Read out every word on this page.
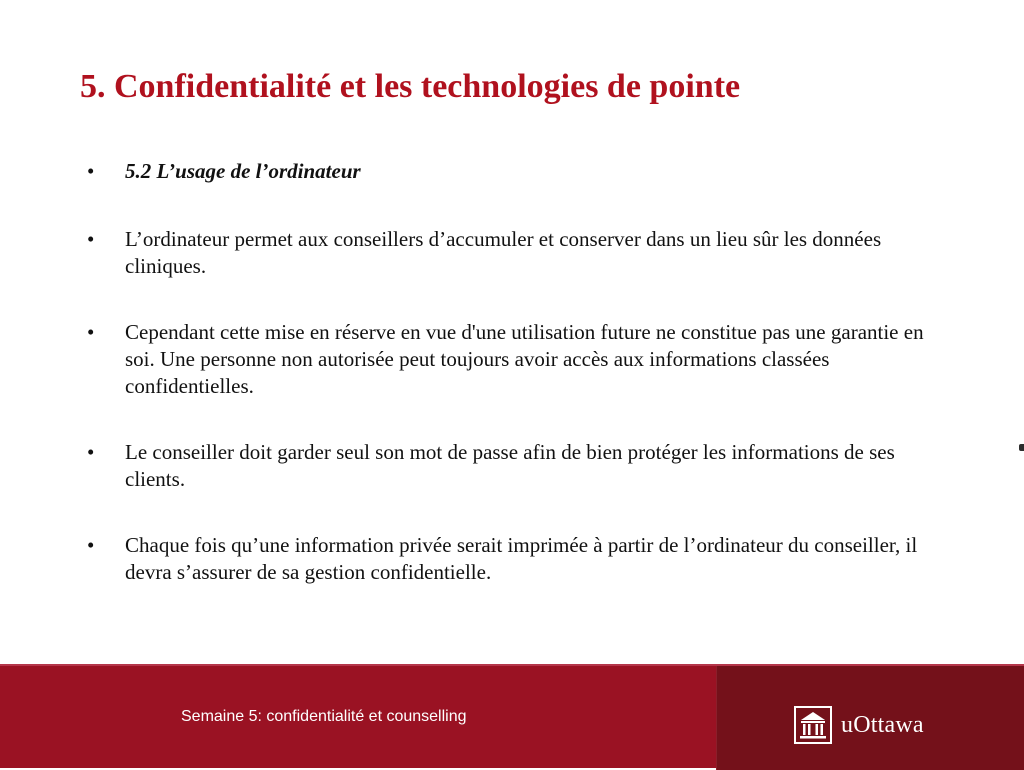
5. Confidentialité et les technologies de pointe
• 5.2 L’usage de l’ordinateur
• L’ordinateur permet aux conseillers d’accumuler et conserver dans un lieu sûr les données cliniques.
• Cependant cette mise en réserve en vue d'une utilisation future ne constitue pas une garantie en soi. Une personne non autorisée peut toujours avoir accès aux informations classées confidentielles.
• Le conseiller doit garder seul son mot de passe afin de bien protéger les informations de ses clients.
• Chaque fois qu’une information privée serait imprimée à partir de l’ordinateur du conseiller, il devra s’assurer de sa gestion confidentielle.
Semaine 5: confidentialité et counselling	uOttawa
